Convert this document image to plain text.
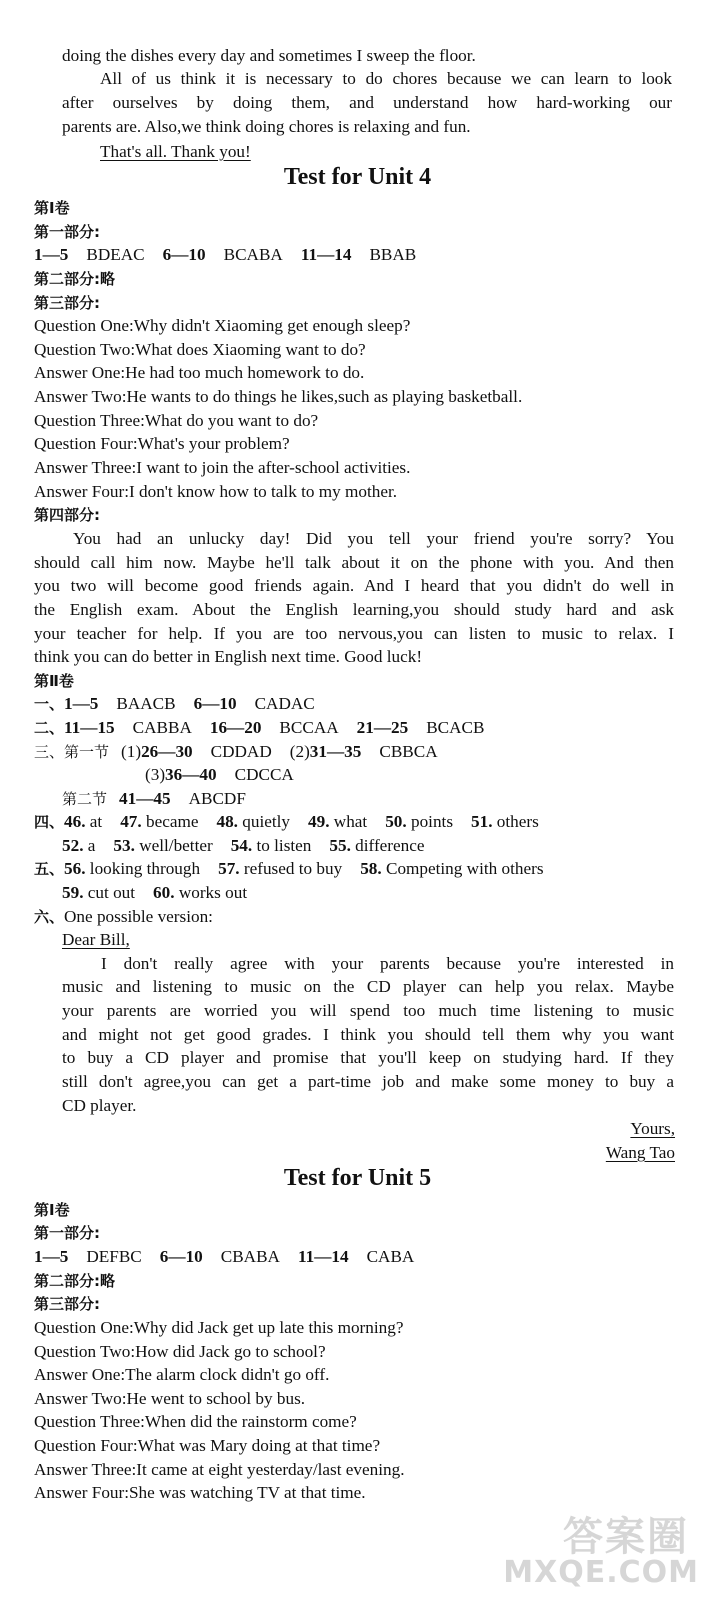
doing the dishes every day and sometimes I sweep the floor.
All of us think it is necessary to do chores because we can learn to look
after ourselves by doing them, and understand how hard-working our
parents are. Also,we think doing chores is relaxing and fun.
That's all. Thank you!
Test for Unit 4
第Ⅰ卷
第一部分:
1—5 BDEAC 6—10 BCABA 11—14 BBAB
第二部分:略
第三部分:
Question One:Why didn't Xiaoming get enough sleep?
Question Two:What does Xiaoming want to do?
Answer One:He had too much homework to do.
Answer Two:He wants to do things he likes,such as playing basketball.
Question Three:What do you want to do?
Question Four:What's your problem?
Answer Three:I want to join the after-school activities.
Answer Four:I don't know how to talk to my mother.
第四部分:
You had an unlucky day! Did you tell your friend you're sorry? You
should call him now. Maybe he'll talk about it on the phone with you. And then
you two will become good friends again. And I heard that you didn't do well in
the English exam. About the English learning,you should study hard and ask
your teacher for help. If you are too nervous,you can listen to music to relax. I
think you can do better in English next time. Good luck!
第Ⅱ卷
一、1—5 BAACB 6—10 CADAC
二、11—15 CABBA 16—20 BCCAA 21—25 BCACB
三、第一节 (1)26—30 CDDAD (2)31—35 CBBCA
(3)36—40 CDCCA
第二节 41—45 ABCDF
四、46. at 47. became 48. quietly 49. what 50. points 51. others
52. a 53. well/better 54. to listen 55. difference
五、56. looking through 57. refused to buy 58. Competing with others
59. cut out 60. works out
六、One possible version:
Dear Bill,
I don't really agree with your parents because you're interested in
music and listening to music on the CD player can help you relax. Maybe
your parents are worried you will spend too much time listening to music
and might not get good grades. I think you should tell them why you want
to buy a CD player and promise that you'll keep on studying hard. If they
still don't agree,you can get a part-time job and make some money to buy a
CD player.
Yours,
Wang Tao
Test for Unit 5
第Ⅰ卷
第一部分:
1—5 DEFBC 6—10 CBABA 11—14 CABA
第二部分:略
第三部分:
Question One:Why did Jack get up late this morning?
Question Two:How did Jack go to school?
Answer One:The alarm clock didn't go off.
Answer Two:He went to school by bus.
Question Three:When did the rainstorm come?
Question Four:What was Mary doing at that time?
Answer Three:It came at eight yesterday/last evening.
Answer Four:She was watching TV at that time.
答案圈
MXQE.COM
